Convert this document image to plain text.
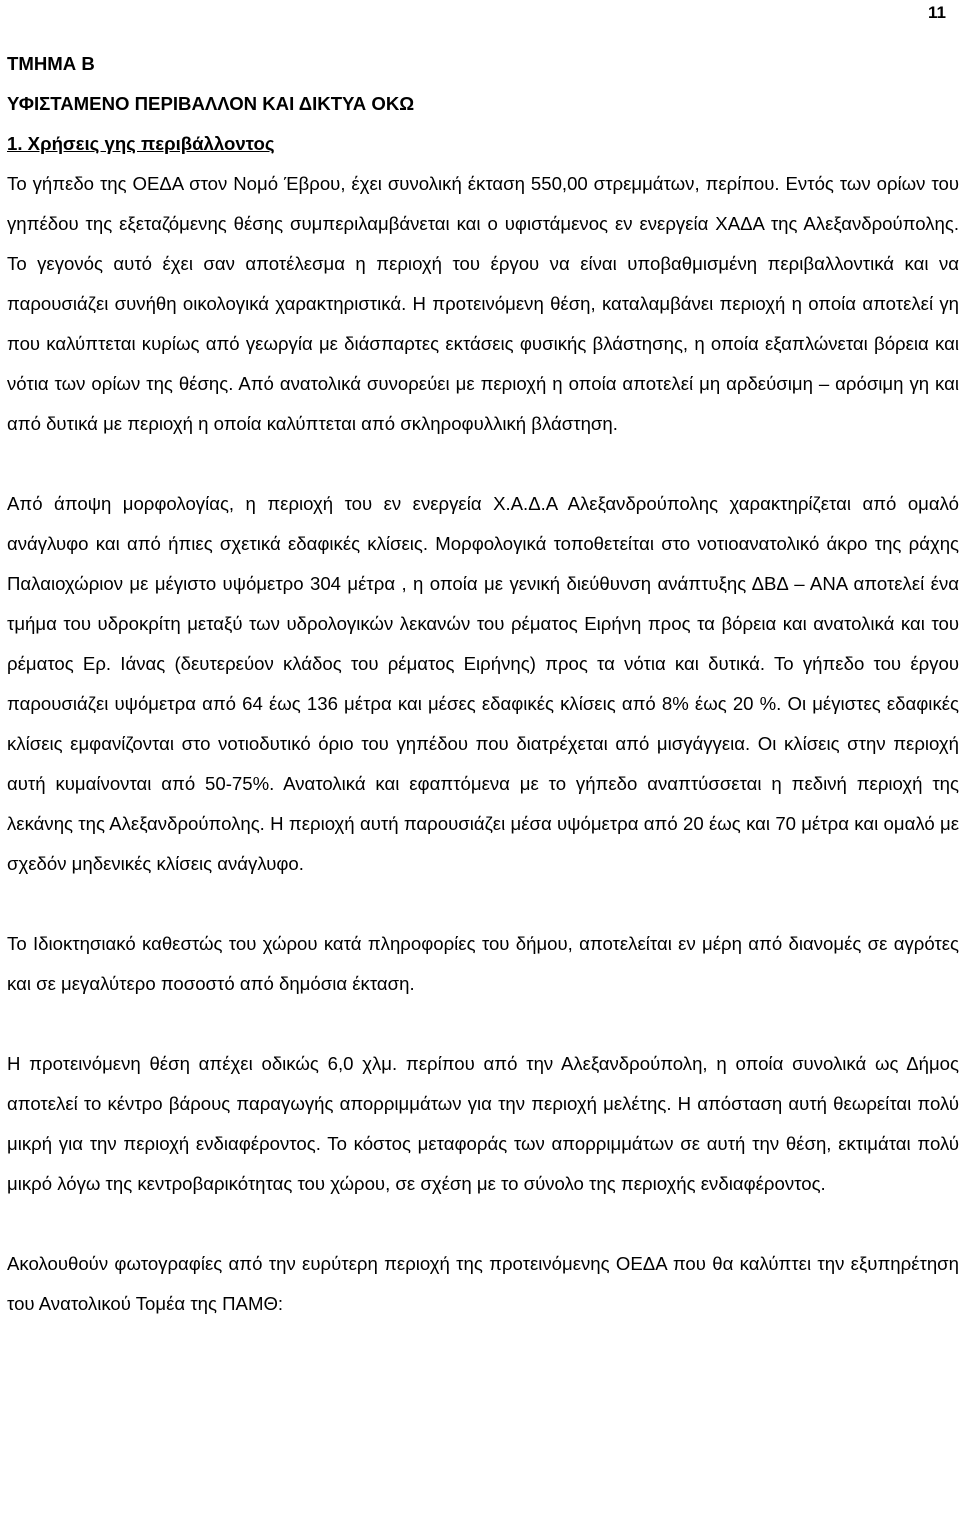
11
ΤΜΗΜΑ Β
ΥΦΙΣΤΑΜΕΝΟ ΠΕΡΙΒΑΛΛΟΝ ΚΑΙ ΔΙΚΤΥΑ ΟΚΩ
1. Χρήσεις γης περιβάλλοντος

Το γήπεδο της ΟΕΔΑ στον Νομό Έβρου, έχει συνολική έκταση 550,00 στρεμμάτων, περίπου. Εντός των ορίων του γηπέδου της εξεταζόμενης θέσης συμπεριλαμβάνεται και ο υφιστάμενος εν ενεργεία ΧΑΔΑ της Αλεξανδρούπολης. Το γεγονός αυτό έχει σαν αποτέλεσμα η περιοχή του έργου να είναι υποβαθμισμένη περιβαλλοντικά και να παρουσιάζει συνήθη οικολογικά χαρακτηριστικά. Η προτεινόμενη θέση, καταλαμβάνει περιοχή η οποία αποτελεί γη που καλύπτεται κυρίως από γεωργία με διάσπαρτες εκτάσεις φυσικής βλάστησης, η οποία εξαπλώνεται βόρεια και νότια των ορίων της θέσης. Από ανατολικά συνορεύει με περιοχή η οποία αποτελεί μη αρδεύσιμη – αρόσιμη γη και από δυτικά με περιοχή η οποία καλύπτεται από σκληροφυλλική βλάστηση.

Από άποψη μορφολογίας, η περιοχή του εν ενεργεία Χ.Α.Δ.Α Αλεξανδρούπολης χαρακτηρίζεται από ομαλό ανάγλυφο και από ήπιες σχετικά εδαφικές κλίσεις. Μορφολογικά τοποθετείται στο νοτιοανατολικό άκρο της ράχης Παλαιοχώριον με μέγιστο υψόμετρο 304 μέτρα , η οποία με γενική διεύθυνση ανάπτυξης ΔΒΔ – ΑΝΑ αποτελεί ένα τμήμα του υδροκρίτη μεταξύ των υδρολογικών λεκανών του ρέματος Ειρήνη προς τα βόρεια και ανατολικά και του ρέματος Ερ. Ιάνας (δευτερεύον κλάδος του ρέματος Ειρήνης) προς τα νότια και δυτικά. Το γήπεδο του έργου παρουσιάζει υψόμετρα από 64 έως 136 μέτρα και μέσες εδαφικές κλίσεις από 8% έως 20 %. Οι μέγιστες εδαφικές κλίσεις εμφανίζονται στο νοτιοδυτικό όριο του γηπέδου που διατρέχεται από μισγάγγεια. Οι κλίσεις στην περιοχή αυτή κυμαίνονται από 50-75%. Ανατολικά και εφαπτόμενα με το γήπεδο αναπτύσσεται η πεδινή περιοχή της λεκάνης της Αλεξανδρούπολης. Η περιοχή αυτή παρουσιάζει μέσα υψόμετρα από 20 έως και 70 μέτρα και ομαλό με σχεδόν μηδενικές κλίσεις ανάγλυφο.

Το Ιδιοκτησιακό καθεστώς του χώρου κατά πληροφορίες του δήμου, αποτελείται εν μέρη από διανομές σε αγρότες και σε μεγαλύτερο ποσοστό από δημόσια έκταση.

Η προτεινόμενη θέση απέχει οδικώς 6,0 χλμ. περίπου από την Αλεξανδρούπολη, η οποία συνολικά ως Δήμος αποτελεί το κέντρο βάρους παραγωγής απορριμμάτων για την περιοχή μελέτης. Η απόσταση αυτή θεωρείται πολύ μικρή για την περιοχή ενδιαφέροντος. Το κόστος μεταφοράς των απορριμμάτων σε αυτή την θέση, εκτιμάται πολύ μικρό λόγω της κεντροβαρικότητας του χώρου, σε σχέση με το σύνολο της περιοχής ενδιαφέροντος.

Ακολουθούν φωτογραφίες από την ευρύτερη περιοχή της προτεινόμενης ΟΕΔΑ που θα καλύπτει την εξυπηρέτηση του Ανατολικού Τομέα της ΠΑΜΘ:
